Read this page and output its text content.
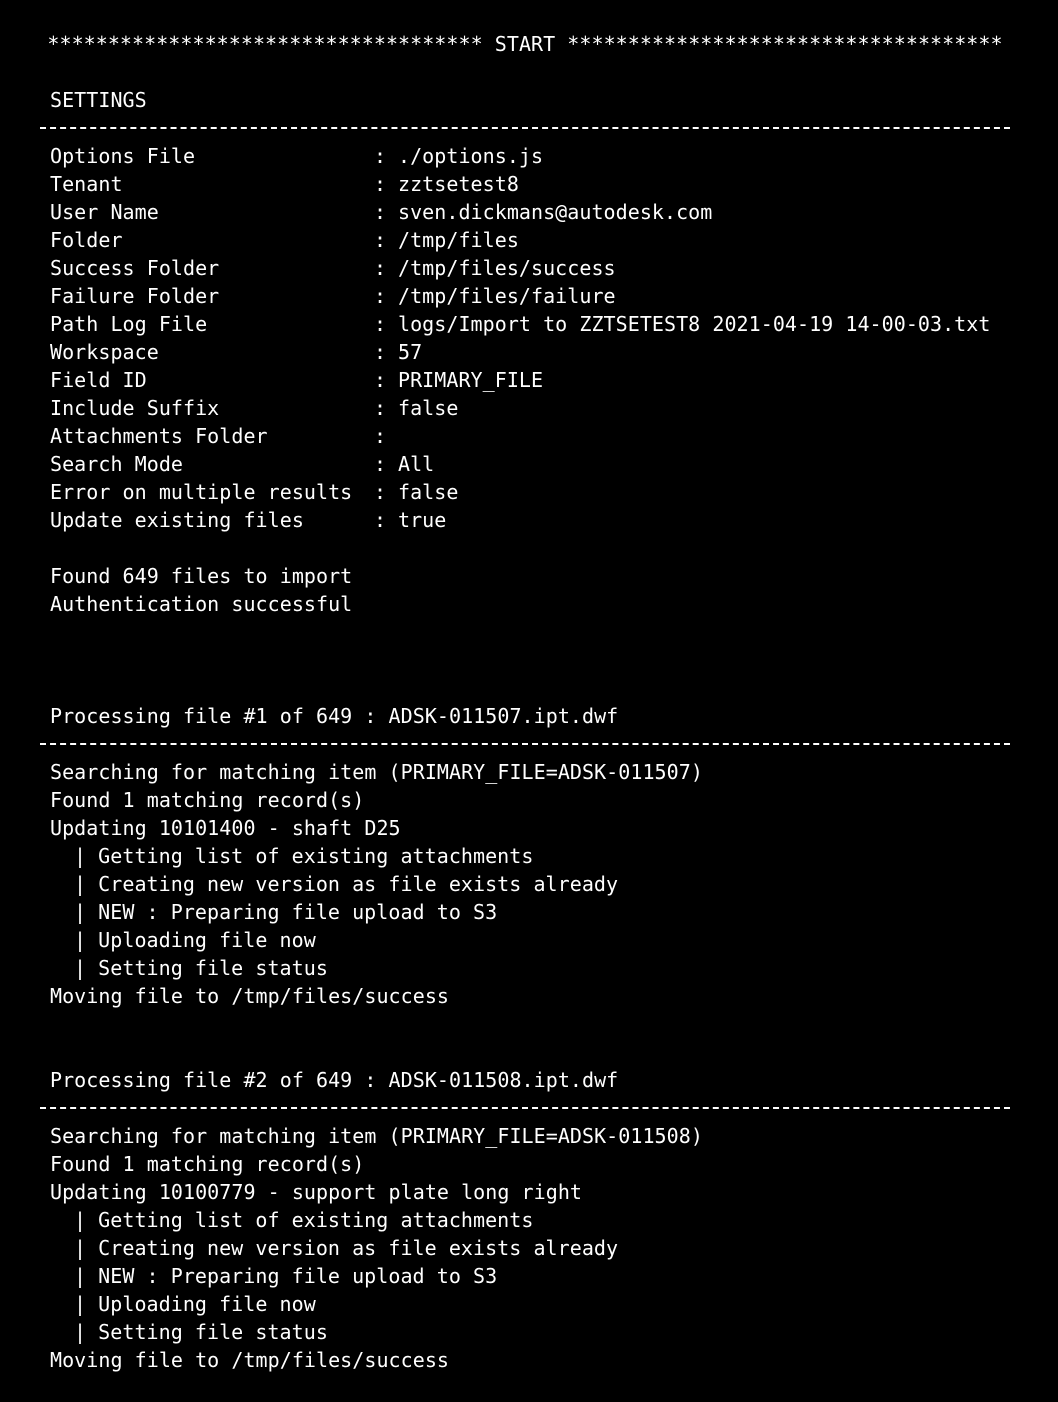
************************************ START ************************************
SETTINGS
Options File	: ./options.js
Tenant	: zztsetest8
User Name	: sven.dickmans@autodesk.com
Folder	: /tmp/files
Success Folder	: /tmp/files/success
Failure Folder	: /tmp/files/failure
Path Log File	: logs/Import to ZZTSETEST8 2021-04-19 14-00-03.txt
Workspace	: 57
Field ID	: PRIMARY_FILE
Include Suffix	: false
Attachments Folder	:
Search Mode	: All
Error on multiple results	: false
Update existing files	: true
Found 649 files to import
Authentication successful
Processing file #1 of 649 : ADSK-011507.ipt.dwf
Searching for matching item (PRIMARY_FILE=ADSK-011507)
Found 1 matching record(s)
Updating 10101400 - shaft D25
| Getting list of existing attachments
| Creating new version as file exists already
| NEW : Preparing file upload to S3
| Uploading file now
| Setting file status
Moving file to /tmp/files/success
Processing file #2 of 649 : ADSK-011508.ipt.dwf
Searching for matching item (PRIMARY_FILE=ADSK-011508)
Found 1 matching record(s)
Updating 10100779 - support plate long right
| Getting list of existing attachments
| Creating new version as file exists already
| NEW : Preparing file upload to S3
| Uploading file now
| Setting file status
Moving file to /tmp/files/success
